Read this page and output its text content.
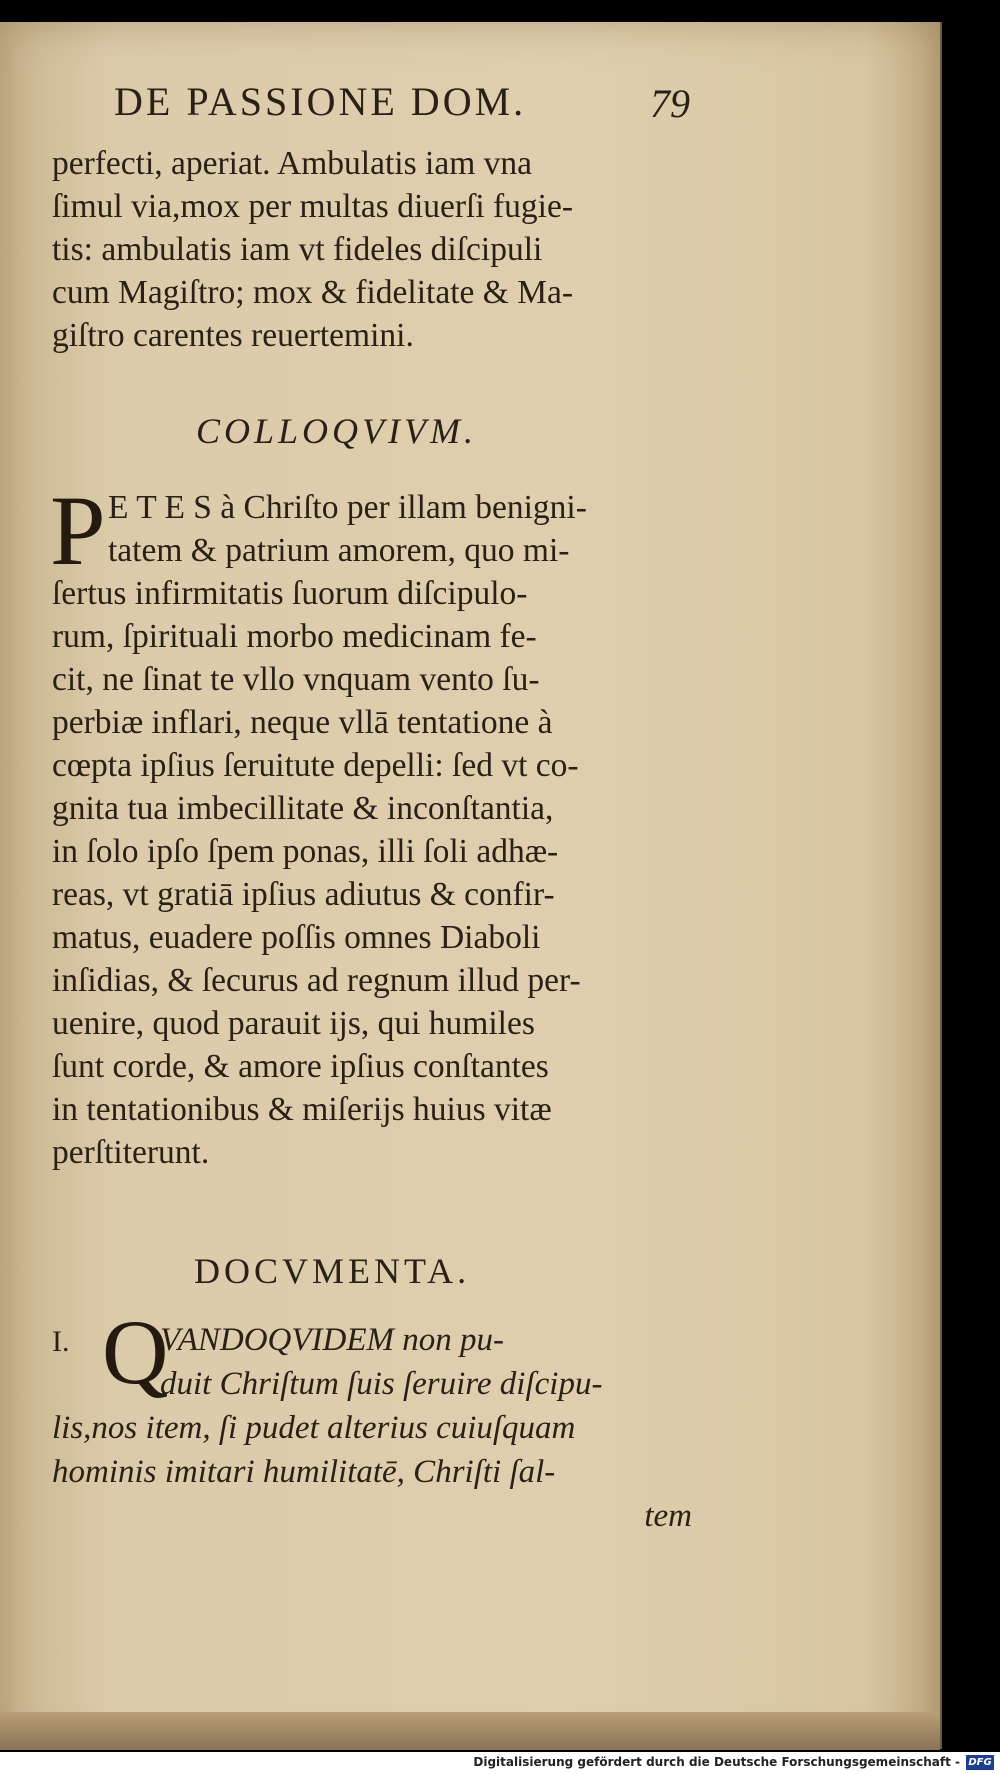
DE PASSIONE DOM.	79
perfecti, aperiat. Ambulatis iam vna
ſimul via,mox per multas diuerſi fugie-
tis: ambulatis iam vt fideles diſcipuli
cum Magiſtro; mox & fidelitate & Ma-
giſtro carentes reuertemini.
COLLOQVIVM.
P E T E S à Chriſto per illam benigni-
tatem & patrium amorem, quo mi-
ſertus infirmitatis ſuorum diſcipulo-
rum, ſpirituali morbo medicinam fe-
cit, ne ſinat te vllo vnquam vento ſu-
perbiæ inflari, neque vllā tentatione à
cœpta ipſius ſeruitute depelli: ſed vt co-
gnita tua imbecillitate & inconſtantia,
in ſolo ipſo ſpem ponas, illi ſoli adhæ-
reas, vt gratiā ipſius adiutus & confir-
matus, euadere poſſis omnes Diaboli
inſidias, & ſecurus ad regnum illud per-
uenire, quod parauit ijs, qui humiles
ſunt corde, & amore ipſius conſtantes
in tentationibus & miſerijs huius vitæ
perſtiterunt.
DOCVMENTA.
I. Q
VANDOQVIDEM non pu-
duit Chriſtum ſuis ſeruire diſcipu-
lis,nos item, ſi pudet alterius cuiuſquam
hominis imitari humilitatē, Chriſti ſal-
tem
Digitalisierung gefördert durch die Deutsche Forschungsgemeinschaft - DFG
